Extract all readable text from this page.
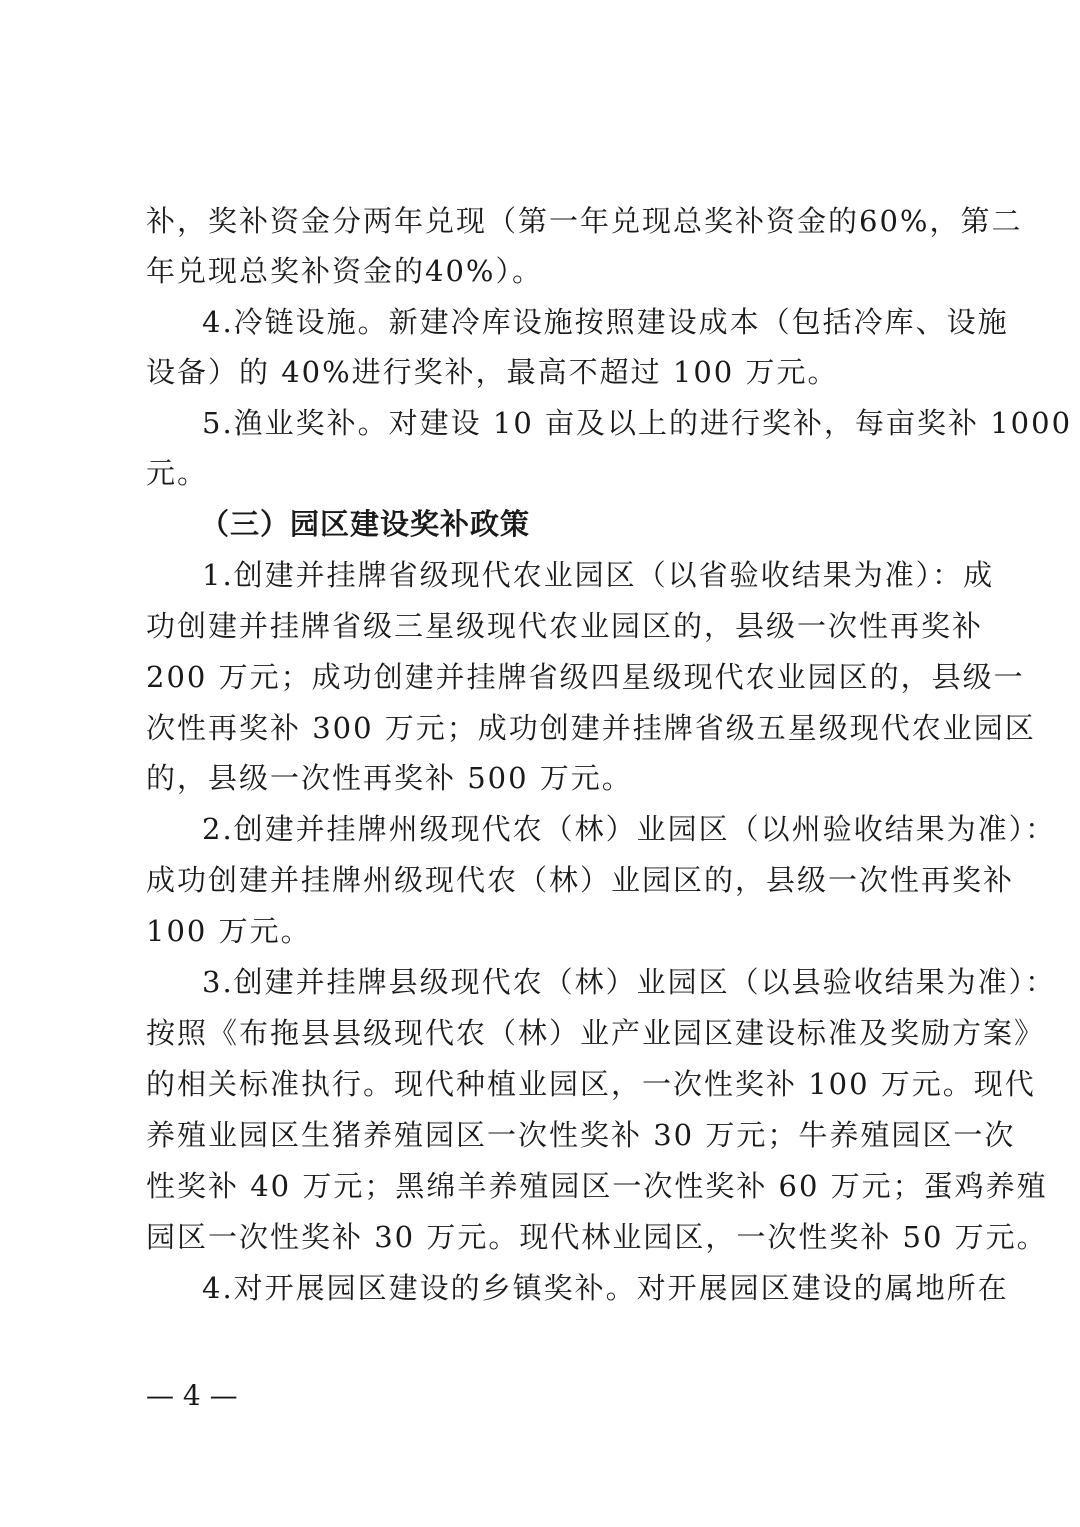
补，奖补资金分两年兑现（第一年兑现总奖补资金的60%，第二
年兑现总奖补资金的40%）。
4.冷链设施。新建冷库设施按照建设成本（包括冷库、设施
设备）的 40%进行奖补，最高不超过 100 万元。
5.渔业奖补。对建设 10 亩及以上的进行奖补，每亩奖补 1000
元。
（三）园区建设奖补政策
1.创建并挂牌省级现代农业园区（以省验收结果为准）：成
功创建并挂牌省级三星级现代农业园区的，县级一次性再奖补
200 万元；成功创建并挂牌省级四星级现代农业园区的，县级一
次性再奖补 300 万元；成功创建并挂牌省级五星级现代农业园区
的，县级一次性再奖补 500 万元。
2.创建并挂牌州级现代农（林）业园区（以州验收结果为准）：
成功创建并挂牌州级现代农（林）业园区的，县级一次性再奖补
100 万元。
3.创建并挂牌县级现代农（林）业园区（以县验收结果为准）：
按照《布拖县县级现代农（林）业产业园区建设标准及奖励方案》
的相关标准执行。现代种植业园区，一次性奖补 100 万元。现代
养殖业园区生猪养殖园区一次性奖补 30 万元；牛养殖园区一次
性奖补 40 万元；黑绵羊养殖园区一次性奖补 60 万元；蛋鸡养殖
园区一次性奖补 30 万元。现代林业园区，一次性奖补 50 万元。
4.对开展园区建设的乡镇奖补。对开展园区建设的属地所在
— 4 —
